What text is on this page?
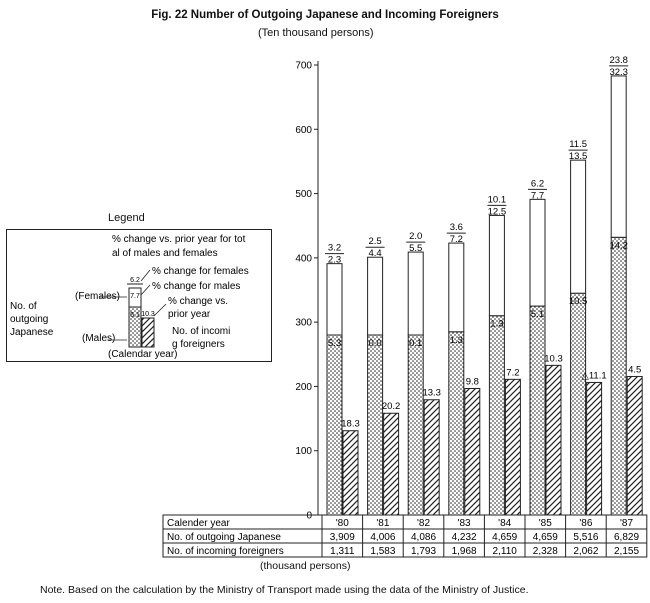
Fig. 22 Number of Outgoing Japanese and Incoming Foreigners
(Ten thousand persons)
Legend
0
100
200
300
400
500
600
700
3.2
2.3
5.3
18.3
2.5
4.4
0.0
20.2
2.0
5.5
0.1
13.3
3.6
7.2
1.3
9.8
10.1
12.5
1.3
7.2
6.2
7.7
5.1
10.3
11.5
13.5
10.5
△11.1
23.8
32.3
14.2
4.5
Calender year	'80	'81	'82	'83	'84	'85	'86	'87
No. of outgoing Japanese	3,909 4,006 4,086 4,232 4,659 4,659 5,516 6,829
No. of incoming foreigners	1,311 1,583 1,793 1,968 2,110 2,328 2,062 2,155
% change vs. prior year for tot
al of males and females
% change for females
% change for males
% change vs.
prior year
(Females)
(Males)
No. of
outgoing
Japanese	No. of incomi
g foreigners
(Calendar year)
6.2
7.7
5.1 10.3
(thousand persons)
Note. Based on the calculation by the Ministry of Transport made using the data of the Ministry of Justice.
